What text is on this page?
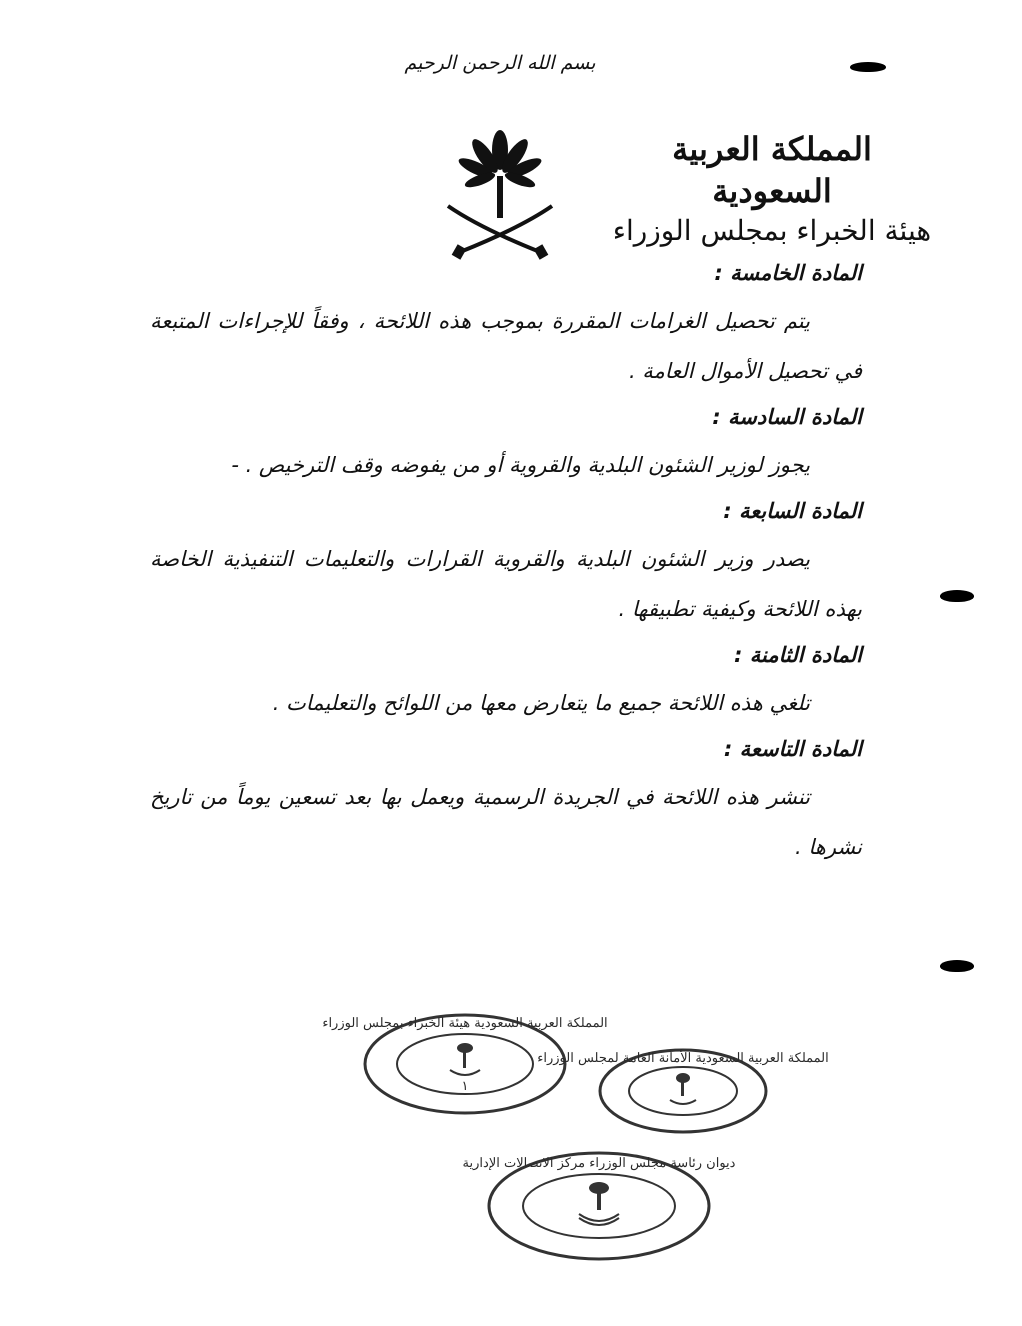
بسم الله الرحمن الرحيم
المملكة العربية السعودية
هيئة الخبراء بمجلس الوزراء

المادة الخامسة :

يتم تحصيل الغرامات المقررة بموجب هذه اللائحة ، وفقاً للإجراءات المتبعة في تحصيل الأموال العامة .

المادة السادسة :

يجوز لوزير الشئون البلدية والقروية أو من يفوضه وقف الترخيص . -

المادة السابعة :

يصدر وزير الشئون البلدية والقروية القرارات والتعليمات التنفيذية الخاصة بهذه اللائحة وكيفية تطبيقها .

المادة الثامنة :

تلغي هذه اللائحة جميع ما يتعارض معها من اللوائح والتعليمات .

المادة التاسعة :

تنشر هذه اللائحة في الجريدة الرسمية ويعمل بها بعد تسعين يوماً من تاريخ نشرها .

المملكة العربية السعودية هيئة الخبراء بمجلس الوزراء
١
المملكة العربية السعودية الأمانة العامة لمجلس الوزراء
ديوان رئاسة مجلس الوزراء مركز الاتصالات الإدارية
